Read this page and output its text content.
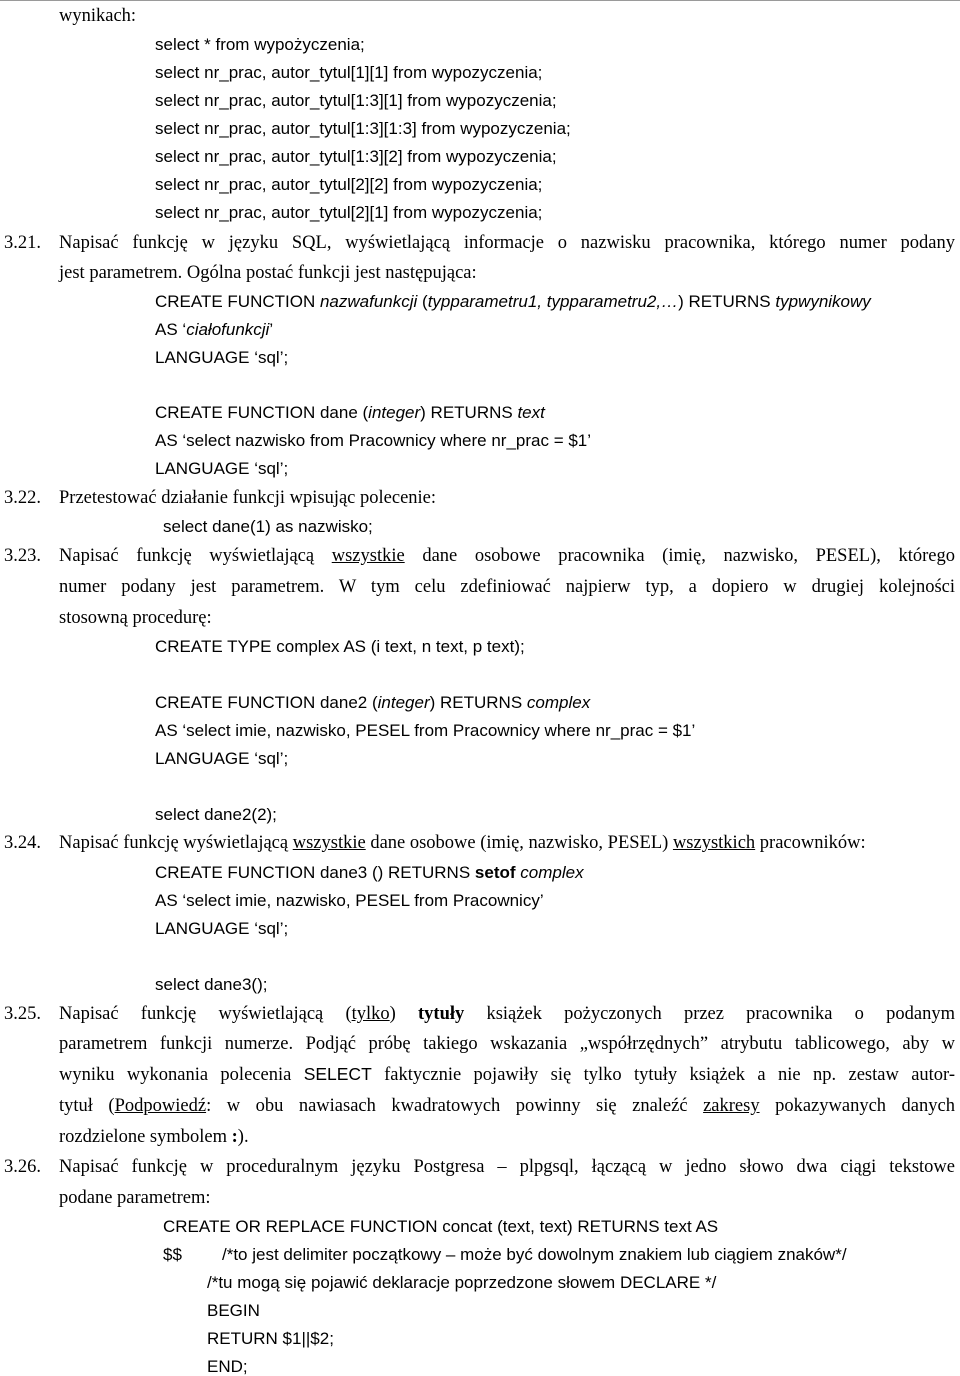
wynikach:
select * from wypożyczenia;
select nr_prac, autor_tytul[1][1] from wypozyczenia;
select nr_prac, autor_tytul[1:3][1] from wypozyczenia;
select nr_prac, autor_tytul[1:3][1:3] from wypozyczenia;
select nr_prac, autor_tytul[1:3][2] from wypozyczenia;
select nr_prac, autor_tytul[2][2] from wypozyczenia;
select nr_prac, autor_tytul[2][1] from wypozyczenia;
3.21. Napisać funkcję w języku SQL, wyświetlającą informacje o nazwisku pracownika, którego numer podany
jest parametrem. Ogólna postać funkcji jest następująca:
CREATE FUNCTION nazwafunkcji (typparametru1, typparametru2,…) RETURNS typwynikowy
AS ‘ciałofunkcji’
LANGUAGE ‘sql’;
CREATE FUNCTION dane (integer) RETURNS text
AS ‘select nazwisko from Pracownicy where nr_prac = $1’
LANGUAGE ‘sql’;
3.22. Przetestować działanie funkcji wpisując polecenie:
select dane(1) as nazwisko;
3.23. Napisać funkcję wyświetlającą wszystkie dane osobowe pracownika (imię, nazwisko, PESEL), którego
numer podany jest parametrem. W tym celu zdefiniować najpierw typ, a dopiero w drugiej kolejności
stosowną procedurę:
CREATE TYPE complex AS (i text, n text, p text);
CREATE FUNCTION dane2 (integer) RETURNS complex
AS ‘select imie, nazwisko, PESEL from Pracownicy where nr_prac = $1’
LANGUAGE ‘sql’;
select dane2(2);
3.24. Napisać funkcję wyświetlającą wszystkie dane osobowe (imię, nazwisko, PESEL) wszystkich pracowników:
CREATE FUNCTION dane3 () RETURNS setof complex
AS ‘select imie, nazwisko, PESEL from Pracownicy’
LANGUAGE ‘sql’;
select dane3();
3.25. Napisać funkcję wyświetlającą (tylko) tytuły książek pożyczonych przez pracownika o podanym
parametrem funkcji numerze. Podjąć próbę takiego wskazania „współrzędnych” atrybutu tablicowego, aby w
wyniku wykonania polecenia SELECT faktycznie pojawiły się tylko tytuły książek a nie np. zestaw autor-
tytuł (Podpowiedź: w obu nawiasach kwadratowych powinny się znaleźć zakresy pokazywanych danych
rozdzielone symbolem :).
3.26. Napisać funkcję w proceduralnym języku Postgresa – plpgsql, łączącą w jedno słowo dwa ciągi tekstowe
podane parametrem:
CREATE OR REPLACE FUNCTION concat (text, text) RETURNS text AS
$$ /*to jest delimiter początkowy – może być dowolnym znakiem lub ciągiem znaków*/
/*tu mogą się pojawić deklaracje poprzedzone słowem DECLARE */
BEGIN
RETURN $1||$2;
END;
